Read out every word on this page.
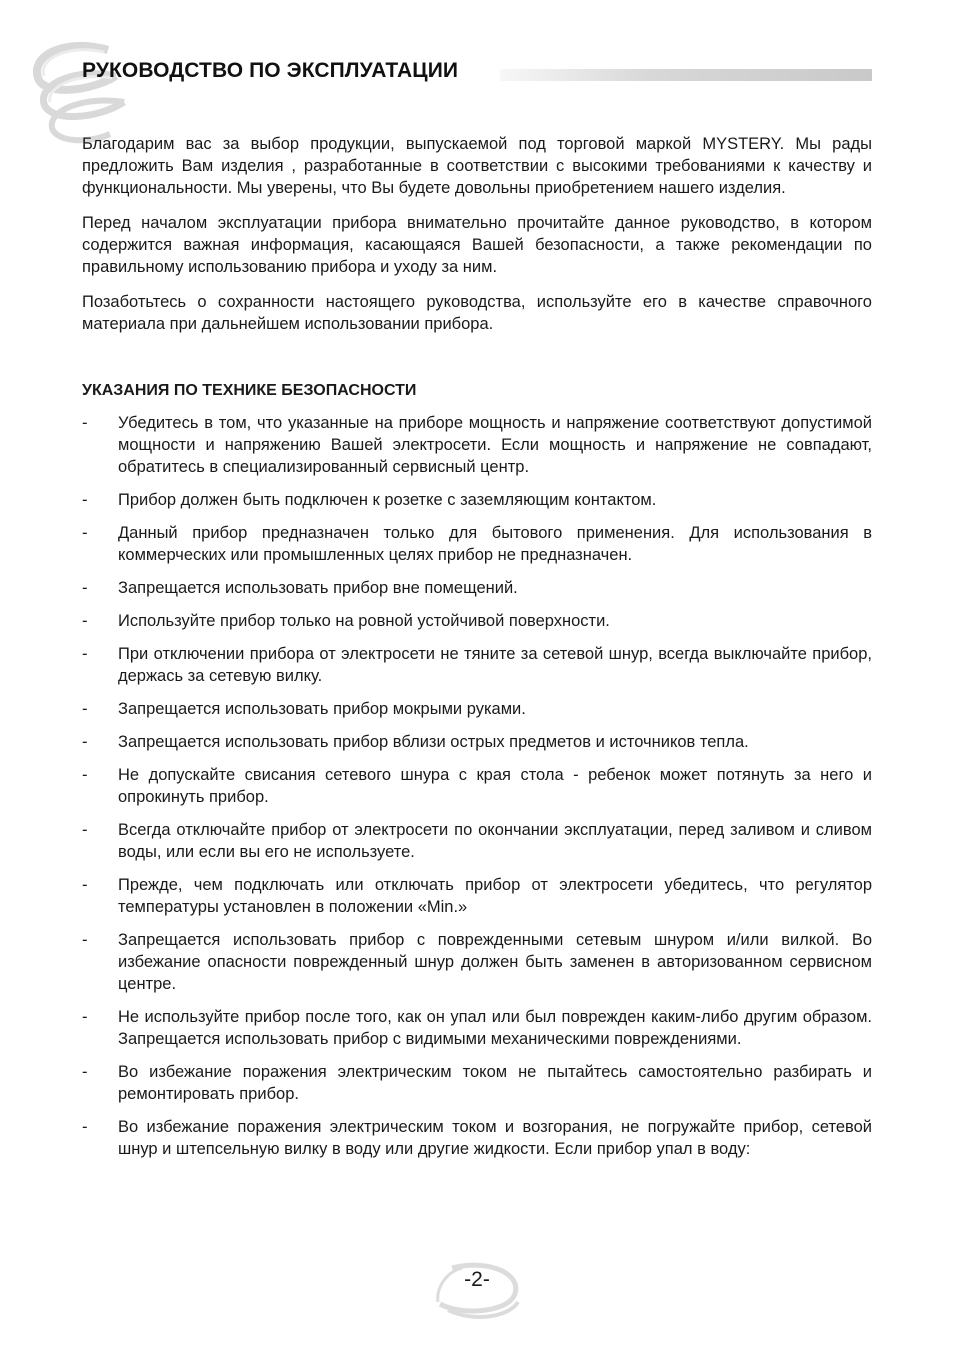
РУКОВОДСТВО ПО ЭКСПЛУАТАЦИИ

Благодарим вас за выбор продукции, выпускаемой под торговой маркой MYSTERY. Мы рады предложить Вам изделия , разработанные в соответствии с высокими требованиями к качеству и функциональности. Мы уверены, что Вы будете довольны приобретением нашего изделия.

Перед началом эксплуатации прибора внимательно прочитайте данное руководство, в котором содержится важная информация, касающаяся Вашей безопасности, а также рекомендации по правильному использованию прибора и уходу за ним.

Позаботьтесь о сохранности настоящего руководства, используйте его в качестве справочного материала при дальнейшем использовании прибора.

УКАЗАНИЯ ПО ТЕХНИКЕ БЕЗОПАСНОСТИ
- Убедитесь в том, что указанные на приборе мощность и напряжение соответствуют допустимой мощности и напряжению Вашей электросети. Если мощность и напряжение не совпадают, обратитесь в специализированный сервисный центр.
- Прибор должен быть подключен к розетке с заземляющим контактом.
- Данный прибор предназначен только для бытового применения. Для использования в коммерческих или промышленных целях прибор не предназначен.
- Запрещается использовать прибор вне помещений.
- Используйте прибор только на ровной устойчивой поверхности.
- При отключении прибора от электросети не тяните за сетевой шнур, всегда выключайте прибор, держась за сетевую вилку.
- Запрещается использовать прибор мокрыми руками.
- Запрещается использовать прибор вблизи острых предметов и источников тепла.
- Не допускайте свисания сетевого шнура с края стола - ребенок может потянуть за него и опрокинуть прибор.
- Всегда отключайте прибор от электросети по окончании эксплуатации, перед заливом и сливом воды, или если вы его не используете.
- Прежде, чем подключать или отключать прибор от электросети убедитесь, что регулятор температуры установлен в положении «Min.»
- Запрещается использовать прибор с поврежденными сетевым шнуром и/или вилкой. Во избежание опасности поврежденный шнур должен быть заменен в авторизованном сервисном центре.
- Не используйте прибор после того, как он упал или был поврежден каким-либо другим образом. Запрещается использовать прибор с видимыми механическими повреждениями.
- Во избежание поражения электрическим током не пытайтесь самостоятельно разбирать и ремонтировать прибор.
- Во избежание поражения электрическим током и возгорания, не погружайте прибор, сетевой шнур и штепсельную вилку в воду или другие жидкости. Если прибор упал в воду:
-2-
